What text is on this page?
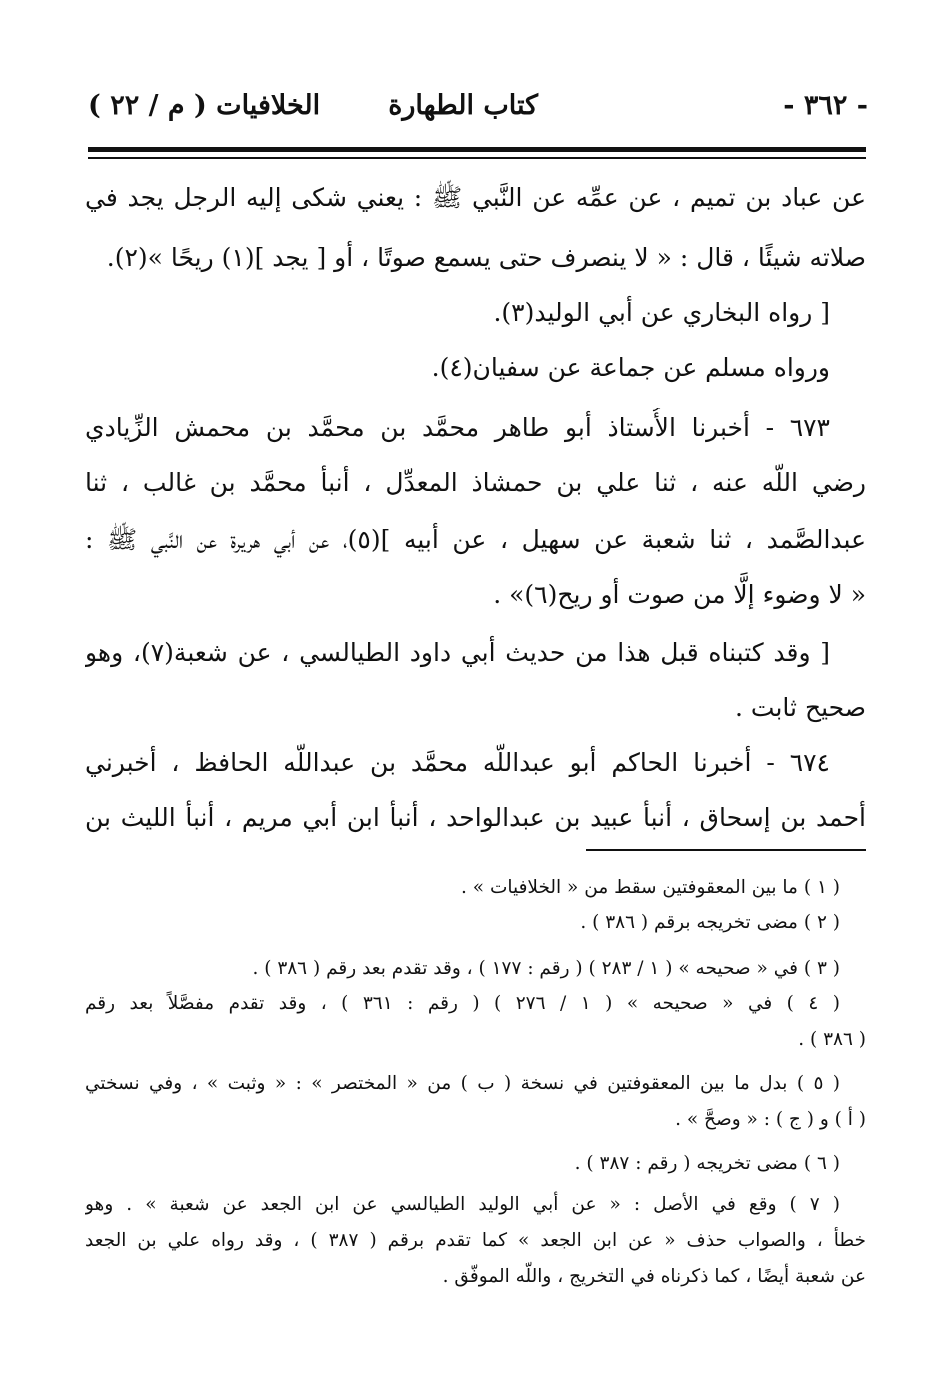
- ٣٦٢ -
كتاب الطهارة
الخلافيات ( م / ٢٢ )
عن عباد بن تميم ، عن عمِّه عن النَّبي ﷺ : يعني شكى إليه الرجل يجد في
صلاته شيئًا ، قال : « لا ينصرف حتى يسمع صوتًا ، أو [ يجد ](١) ريحًا »(٢).
[ رواه البخاري عن أبي الوليد(٣).
ورواه مسلم عن جماعة عن سفيان(٤).
٦٧٣ - أخبرنا الأُستاذ أبو طاهر محمَّد بن محمَّد بن محمش الزِّيادي
رضي اللّه عنه ، ثنا علي بن حمشاذ المعدِّل ، أنبأ محمَّد بن غالب ، ثنا
عبدالصَّمد ، ثنا شعبة عن سهيل ، عن أبيه ](٥)، عن أبي هريرة عن النَّبي ﷺ :
« لا وضوء إلَّا من صوت أو ريح(٦)» .
[ وقد كتبناه قبل هذا من حديث أبي داود الطيالسي ، عن شعبة(٧)، وهو
صحيح ثابت .
٦٧٤ - أخبرنا الحاكم أبو عبداللّه محمَّد بن عبداللّه الحافظ ، أخبرني
أحمد بن إسحاق ، أنبأ عبيد بن عبدالواحد ، أنبأ ابن أبي مريم ، أنبأ الليث بن
( ١ ) ما بين المعقوفتين سقط من « الخلافيات » .
( ٢ ) مضى تخريجه برقم ( ٣٨٦ ) .
( ٣ ) في « صحيحه » ( ١ / ٢٨٣ ) ( رقم : ١٧٧ ) ، وقد تقدم بعد رقم ( ٣٨٦ ) .
( ٤ ) في « صحيحه » ( ١ / ٢٧٦ ) ( رقم : ٣٦١ ) ، وقد تقدم مفصَّلاً بعد رقم
( ٣٨٦ ) .
( ٥ ) بدل ما بين المعقوفتين في نسخة ( ب ) من « المختصر » : « وثبت » ، وفي نسختي
( أ ) و ( ج ) : « وصحَّ » .
( ٦ ) مضى تخريجه ( رقم : ٣٨٧ ) .
( ٧ ) وقع في الأصل : « عن أبي الوليد الطيالسي عن ابن الجعد عن شعبة » . وهو
خطأ ، والصواب حذف « عن ابن الجعد » كما تقدم برقم ( ٣٨٧ ) ، وقد رواه علي بن الجعد
عن شعبة أيضًا ، كما ذكرناه في التخريج ، واللّه الموفّق .
